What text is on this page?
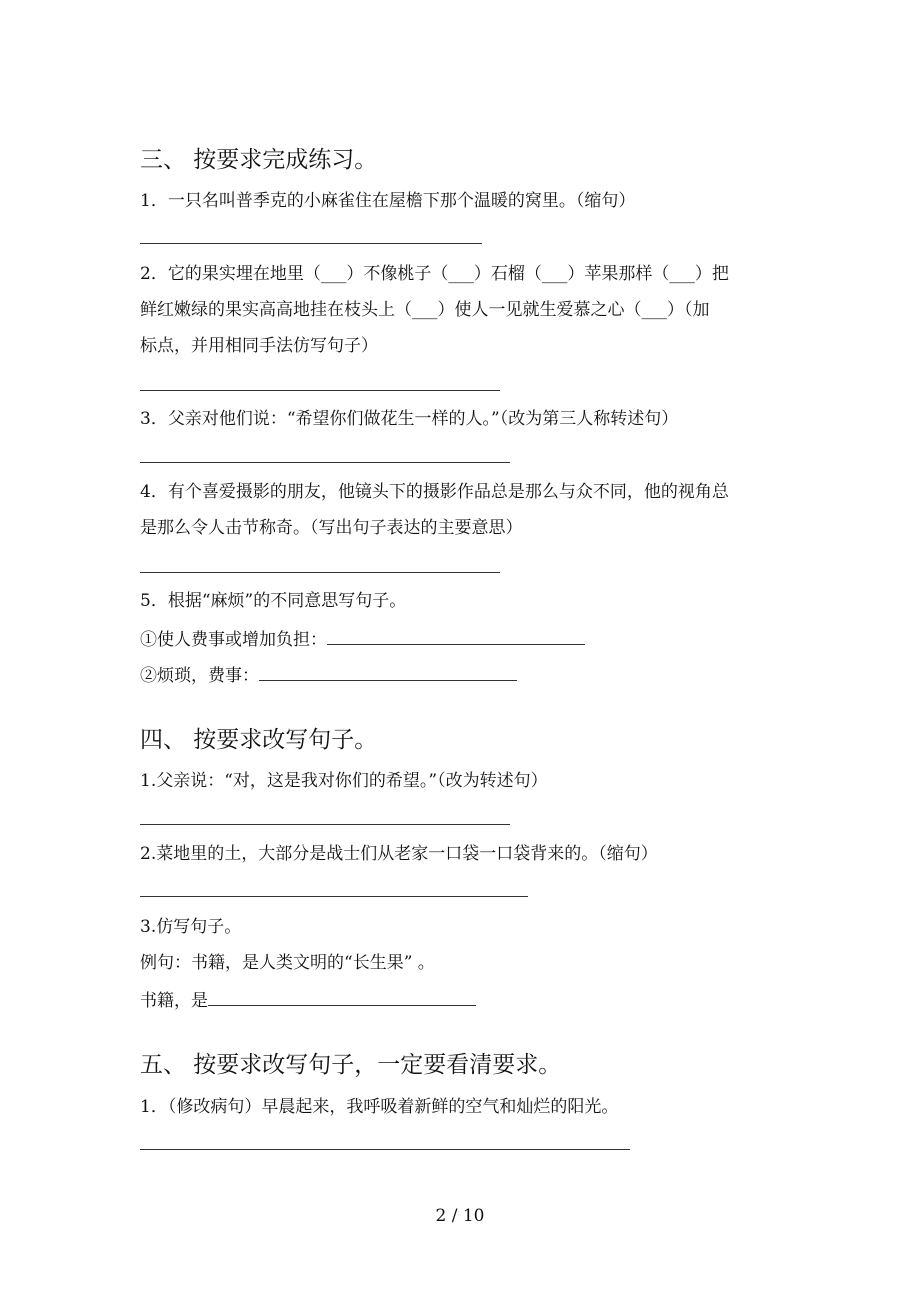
三、 按要求完成练习。
1．一只名叫普季克的小麻雀住在屋檐下那个温暖的窝里。（缩句）
2．它的果实埋在地里（___）不像桃子（___）石榴（___）苹果那样（___）把
鲜红嫩绿的果实高高地挂在枝头上（___）使人一见就生爱慕之心（___）（加
标点，并用相同手法仿写句子）
3．父亲对他们说：“希望你们做花生一样的人。”（改为第三人称转述句）
4．有个喜爱摄影的朋友，他镜头下的摄影作品总是那么与众不同，他的视角总
是那么令人击节称奇。（写出句子表达的主要意思）
5．根据“麻烦”的不同意思写句子。
①使人费事或增加负担：
②烦琐，费事：
四、 按要求改写句子。
1.父亲说：“对，这是我对你们的希望。”（改为转述句）
2.菜地里的土，大部分是战士们从老家一口袋一口袋背来的。（缩句）
3.仿写句子。
例句：书籍，是人类文明的“长生果” 。
书籍，是
五、 按要求改写句子，一定要看清要求。
1．（修改病句）早晨起来，我呼吸着新鲜的空气和灿烂的阳光。
2 / 10
